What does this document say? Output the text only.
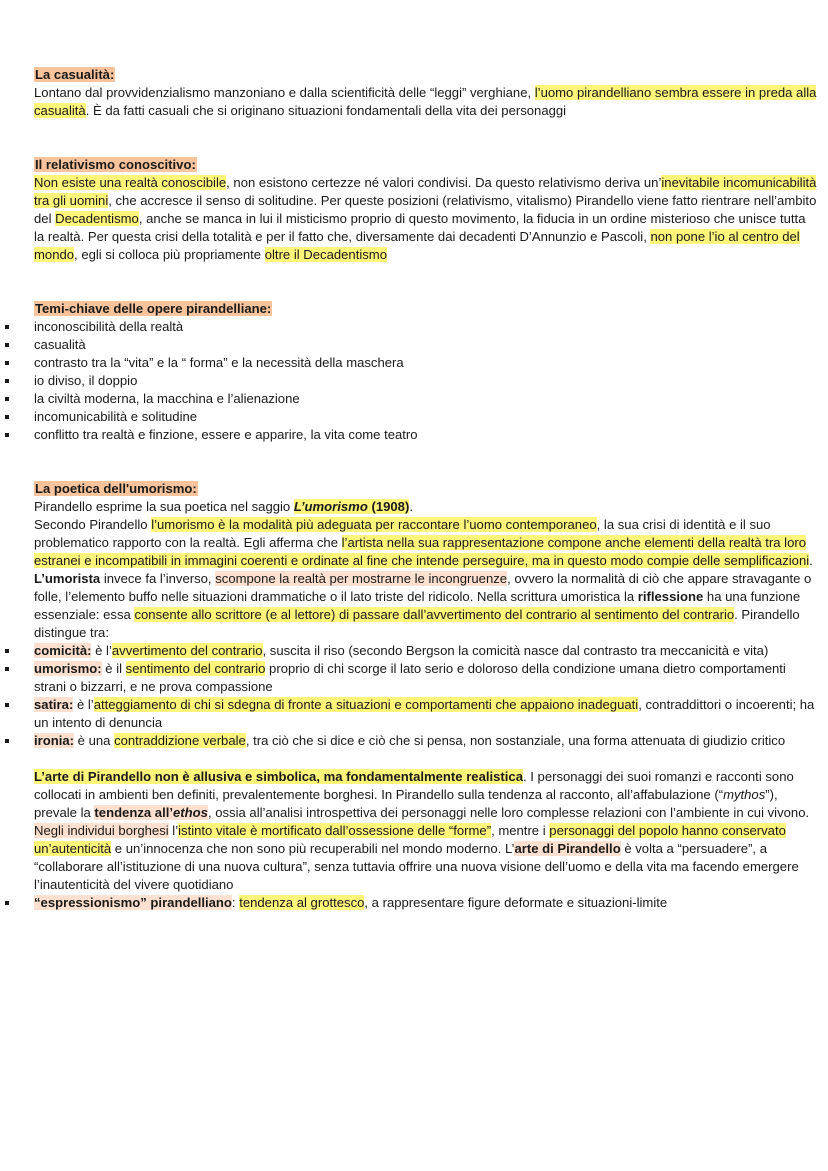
La casualità:

Lontano dal provvidenzialismo manzoniano e dalla scientificità delle “leggi” verghiane, l’uomo pirandelliano sembra essere in preda alla casualità. È da fatti casuali che si originano situazioni fondamentali della vita dei personaggi

Il relativismo conoscitivo:

Non esiste una realtà conoscibile, non esistono certezze né valori condivisi. Da questo relativismo deriva un’inevitabile incomunicabilità tra gli uomini, che accresce il senso di solitudine. Per queste posizioni (relativismo, vitalismo) Pirandello viene fatto rientrare nell’ambito del Decadentismo, anche se manca in lui il misticismo proprio di questo movimento, la fiducia in un ordine misterioso che unisce tutta la realtà. Per questa crisi della totalità e per il fatto che, diversamente dai decadenti D’Annunzio e Pascoli, non pone l’io al centro del mondo, egli si colloca più propriamente oltre il Decadentismo

Temi-chiave delle opere pirandelliane:

inconoscibilità della realtà
casualità
contrasto tra la “vita” e la “ forma” e la necessità della maschera
io diviso, il doppio
la civiltà moderna, la macchina e l’alienazione
incomunicabilità e solitudine
conflitto tra realtà e finzione, essere e apparire, la vita come teatro

La poetica dell'umorismo:

Pirandello esprime la sua poetica nel saggio L’umorismo (1908).

Secondo Pirandello l’umorismo è la modalità più adeguata per raccontare l’uomo contemporaneo, la sua crisi di identità e il suo problematico rapporto con la realtà. Egli afferma che l’artista nella sua rappresentazione compone anche elementi della realtà tra loro estranei e incompatibili in immagini coerenti e ordinate al fine che intende perseguire, ma in questo modo compie delle semplificazioni. L’umorista invece fa l’inverso, scompone la realtà per mostrarne le incongruenze, ovvero la normalità di ciò che appare stravagante o folle, l’elemento buffo nelle situazioni drammatiche o il lato triste del ridicolo. Nella scrittura umoristica la riflessione ha una funzione essenziale: essa consente allo scrittore (e al lettore) di passare dall’avvertimento del contrario al sentimento del contrario. Pirandello distingue tra:

comicità: è l’avvertimento del contrario, suscita il riso (secondo Bergson la comicità nasce dal contrasto tra meccanicità e vita)
umorismo: è il sentimento del contrario proprio di chi scorge il lato serio e doloroso della condizione umana dietro comportamenti strani o bizzarri, e ne prova compassione
satira: è l’atteggiamento di chi si sdegna di fronte a situazioni e comportamenti che appaiono inadeguati, contraddittori o incoerenti; ha un intento di denuncia
ironia: è una contraddizione verbale, tra ciò che si dice e ciò che si pensa, non sostanziale, una forma attenuata di giudizio critico

L’arte di Pirandello non è allusiva e simbolica, ma fondamentalmente realistica. I personaggi dei suoi romanzi e racconti sono collocati in ambienti ben definiti, prevalentemente borghesi. In Pirandello sulla tendenza al racconto, all’affabulazione (“mythos”), prevale la tendenza all’ethos, ossia all’analisi introspettiva dei personaggi nelle loro complesse relazioni con l’ambiente in cui vivono. Negli individui borghesi l’istinto vitale è mortificato dall’ossessione delle “forme”, mentre i personaggi del popolo hanno conservato un’autenticità e un’innocenza che non sono più recuperabili nel mondo moderno. L’arte di Pirandello è volta a “persuadere”, a “collaborare all’istituzione di una nuova cultura”, senza tuttavia offrire una nuova visione dell’uomo e della vita ma facendo emergere l’inautenticità del vivere quotidiano

“espressionismo” pirandelliano: tendenza al grottesco, a rappresentare figure deformate e situazioni-limite
